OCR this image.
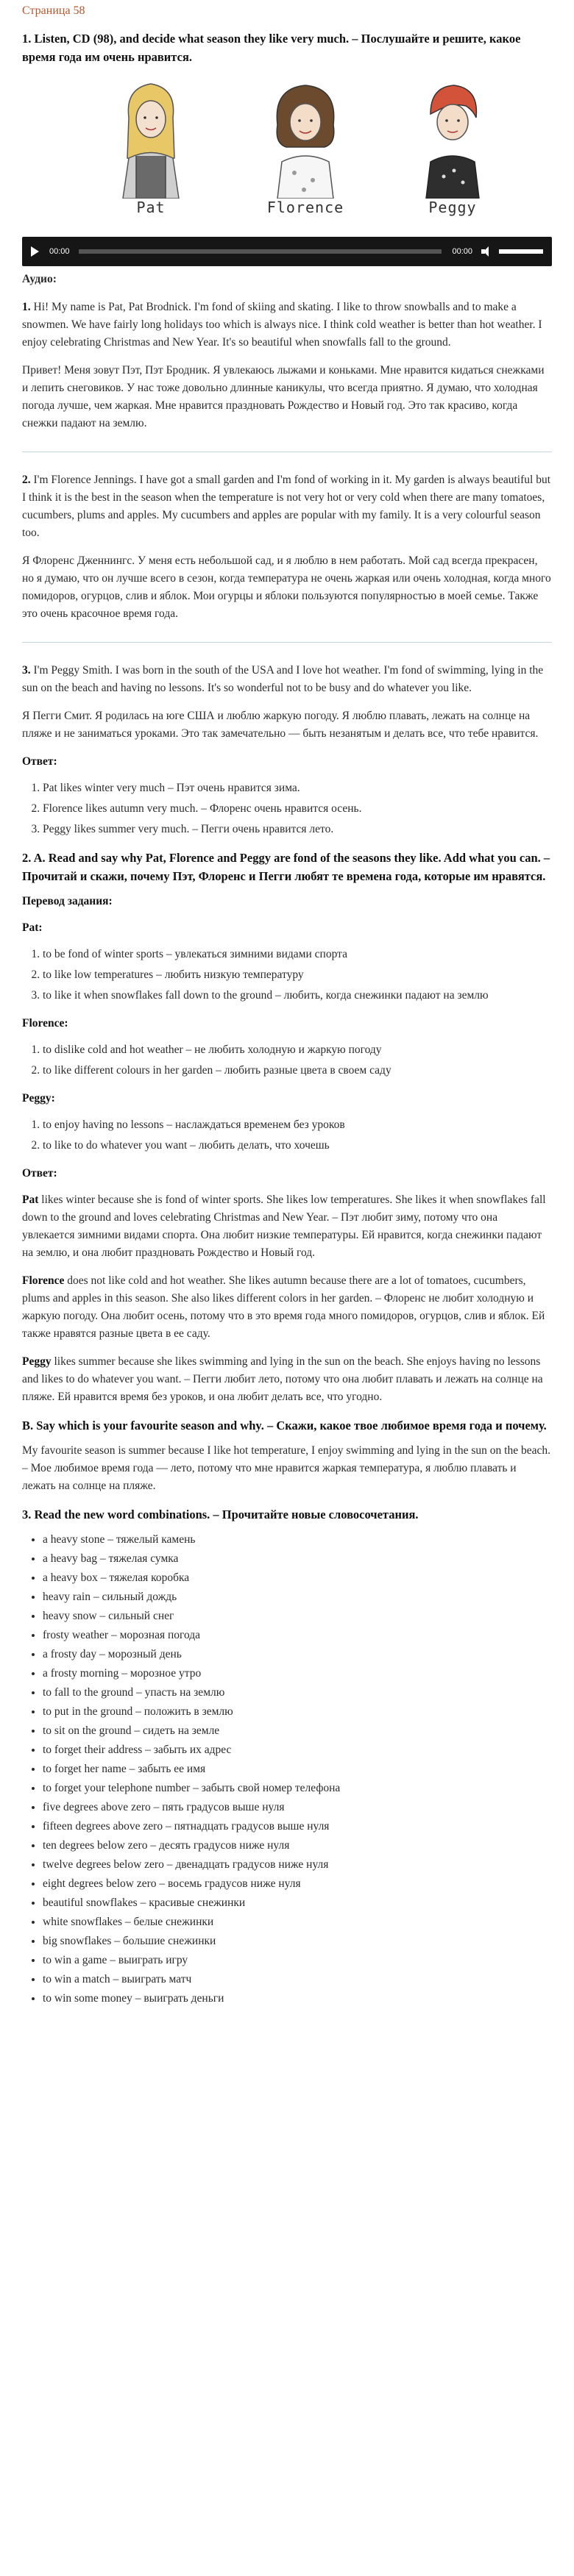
Страница 58
1. Listen, CD (98), and decide what season they like very much. – Послушайте и решите, какое время года им очень нравится.
Pat	Florence	Peggy
00:00	00:00
Аудио:

1. Hi! My name is Pat, Pat Brodnick. I'm fond of skiing and skating. I like to throw snowballs and to make a snowmen. We have fairly long holidays too which is always nice. I think cold weather is better than hot weather. I enjoy celebrating Christmas and New Year. It's so beautiful when snowfalls fall to the ground.

Привет! Меня зовут Пэт, Пэт Бродник. Я увлекаюсь лыжами и коньками. Мне нравится кидаться снежками и лепить снеговиков. У нас тоже довольно длинные каникулы, что всегда приятно. Я думаю, что холодная погода лучше, чем жаркая. Мне нравится праздновать Рождество и Новый год. Это так красиво, когда снежки падают на землю.

2. I'm Florence Jennings. I have got a small garden and I'm fond of working in it. My garden is always beautiful but I think it is the best in the season when the temperature is not very hot or very cold when there are many tomatoes, cucumbers, plums and apples. My cucumbers and apples are popular with my family. It is a very colourful season too.

Я Флоренс Дженнингс. У меня есть небольшой сад, и я люблю в нем работать. Мой сад всегда прекрасен, но я думаю, что он лучше всего в сезон, когда температура не очень жаркая или очень холодная, когда много помидоров, огурцов, слив и яблок. Мои огурцы и яблоки пользуются популярностью в моей семье. Также это очень красочное время года.

3. I'm Peggy Smith. I was born in the south of the USA and I love hot weather. I'm fond of swimming, lying in the sun on the beach and having no lessons. It's so wonderful not to be busy and do whatever you like.

Я Пегги Смит. Я родилась на юге США и люблю жаркую погоду. Я люблю плавать, лежать на солнце на пляже и не заниматься уроками. Это так замечательно — быть незанятым и делать все, что тебе нравится.

Ответ:
1. Pat likes winter very much – Пэт очень нравится зима.
2. Florence likes autumn very much. – Флоренс очень нравится осень.
3. Peggy likes summer very much. – Пегги очень нравится лето.
2. A. Read and say why Pat, Florence and Peggy are fond of the seasons they like. Add what you can. – Прочитай и скажи, почему Пэт, Флоренс и Пегги любят те времена года, которые им нравятся.
Перевод задания:
Pat:
1. to be fond of winter sports – увлекаться зимними видами спорта
2. to like low temperatures – любить низкую температуру
3. to like it when snowflakes fall down to the ground – любить, когда снежинки падают на землю
Florence:
1. to dislike cold and hot weather – не любить холодную и жаркую погоду
2. to like different colours in her garden – любить разные цвета в своем саду
Peggy:
1. to enjoy having no lessons – наслаждаться временем без уроков
2. to like to do whatever you want – любить делать, что хочешь
Ответ:

Pat likes winter because she is fond of winter sports. She likes low temperatures. She likes it when snowflakes fall down to the ground and loves celebrating Christmas and New Year. – Пэт любит зиму, потому что она увлекается зимними видами спорта. Она любит низкие температуры. Ей нравится, когда снежинки падают на землю, и она любит праздновать Рождество и Новый год.

Florence does not like cold and hot weather. She likes autumn because there are a lot of tomatoes, cucumbers, plums and apples in this season. She also likes different colors in her garden. – Флоренс не любит холодную и жаркую погоду. Она любит осень, потому что в это время года много помидоров, огурцов, слив и яблок. Ей также нравятся разные цвета в ее саду.

Peggy likes summer because she likes swimming and lying in the sun on the beach. She enjoys having no lessons and likes to do whatever you want. – Пегги любит лето, потому что она любит плавать и лежать на солнце на пляже. Ей нравится время без уроков, и она любит делать все, что угодно.

B. Say which is your favourite season and why. – Скажи, какое твое любимое время года и почему.

My favourite season is summer because I like hot temperature, I enjoy swimming and lying in the sun on the beach. – Мое любимое время года — лето, потому что мне нравится жаркая температура, я люблю плавать и лежать на солнце на пляже.

3. Read the new word combinations. – Прочитайте новые словосочетания.
• a heavy stone – тяжелый камень
• a heavy bag – тяжелая сумка
• a heavy box – тяжелая коробка
• heavy rain – сильный дождь
• heavy snow – сильный снег
• frosty weather – морозная погода
• a frosty day – морозный день
• a frosty morning – морозное утро
• to fall to the ground – упасть на землю
• to put in the ground – положить в землю
• to sit on the ground – сидеть на земле
• to forget their address – забыть их адрес
• to forget her name – забыть ее имя
• to forget your telephone number – забыть свой номер телефона
• five degrees above zero – пять градусов выше нуля
• fifteen degrees above zero – пятнадцать градусов выше нуля
• ten degrees below zero – десять градусов ниже нуля
• twelve degrees below zero – двенадцать градусов ниже нуля
• eight degrees below zero – восемь градусов ниже нуля
• beautiful snowflakes – красивые снежинки
• white snowflakes – белые снежинки
• big snowflakes – большие снежинки
• to win a game – выиграть игру
• to win a match – выиграть матч
• to win some money – выиграть деньги
